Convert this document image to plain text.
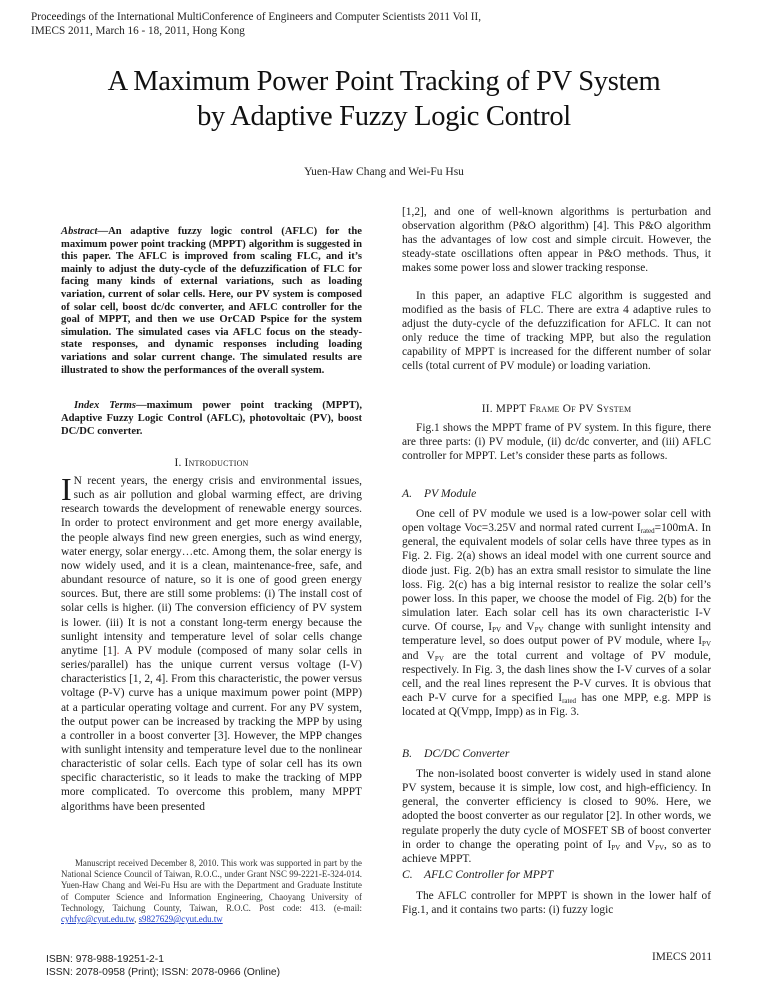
Proceedings of the International MultiConference of Engineers and Computer Scientists 2011 Vol II,
IMECS 2011, March 16 - 18, 2011, Hong Kong
A Maximum Power Point Tracking of PV System
by Adaptive Fuzzy Logic Control
Yuen-Haw Chang and Wei-Fu Hsu
Abstract—An adaptive fuzzy logic control (AFLC) for the maximum power point tracking (MPPT) algorithm is suggested in this paper. The AFLC is improved from scaling FLC, and it’s mainly to adjust the duty-cycle of the defuzzification of FLC for facing many kinds of external variations, such as loading variation, current of solar cells. Here, our PV system is composed of solar cell, boost dc/dc converter, and AFLC controller for the goal of MPPT, and then we use OrCAD Pspice for the system simulation. The simulated cases via AFLC focus on the steady-state responses, and dynamic responses including loading variations and solar current change. The simulated results are illustrated to show the performances of the overall system.
Index Terms—maximum power point tracking (MPPT), Adaptive Fuzzy Logic Control (AFLC), photovoltaic (PV), boost DC/DC converter.
I. Introduction
I N recent years, the energy crisis and environmental issues, such as air pollution and global warming effect, are driving research towards the development of renewable energy sources. In order to protect environment and get more energy available, the people always find new green energies, such as wind energy, water energy, solar energy…etc. Among them, the solar energy is now widely used, and it is a clean, maintenance-free, safe, and abundant resource of nature, so it is one of good green energy sources. But, there are still some problems: (i) The install cost of solar cells is higher. (ii) The conversion efficiency of PV system is lower. (iii) It is not a constant long-term energy because the sunlight intensity and temperature level of solar cells change anytime [1]. A PV module (composed of many solar cells in series/parallel) has the unique current versus voltage (I-V) characteristics [1, 2, 4]. From this characteristic, the power versus voltage (P-V) curve has a unique maximum power point (MPP) at a particular operating voltage and current. For any PV system, the output power can be increased by tracking the MPP by using a controller in a boost converter [3]. However, the MPP changes with sunlight intensity and temperature level due to the nonlinear characteristic of solar cells. Each type of solar cell has its own specific characteristic, so it leads to make the tracking of MPP more complicated. To overcome this problem, many MPPT algorithms have been presented
Manuscript received December 8, 2010. This work was supported in part by the National Science Council of Taiwan, R.O.C., under Grant NSC 99-2221-E-324-014. Yuen-Haw Chang and Wei-Fu Hsu are with the Department and Graduate Institute of Computer Science and Information Engineering, Chaoyang University of Technology, Taichung County, Taiwan, R.O.C. Post code: 413. (e-mail: cyhfyc@cyut.edu.tw, s9827629@cyut.edu.tw
ISBN: 978-988-19251-2-1
ISSN: 2078-0958 (Print); ISSN: 2078-0966 (Online)
[1,2], and one of well-known algorithms is perturbation and observation algorithm (P&O algorithm) [4]. This P&O algorithm has the advantages of low cost and simple circuit. However, the steady-state oscillations often appear in P&O methods. Thus, it makes some power loss and slower tracking response.
In this paper, an adaptive FLC algorithm is suggested and modified as the basis of FLC. There are extra 4 adaptive rules to adjust the duty-cycle of the defuzzification for AFLC. It can not only reduce the time of tracking MPP, but also the regulation capability of MPPT is increased for the different number of solar cells (total current of PV module) or loading variation.
II. MPPT Frame Of PV System
Fig.1 shows the MPPT frame of PV system. In this figure, there are three parts: (i) PV module, (ii) dc/dc converter, and (iii) AFLC controller for MPPT. Let’s consider these parts as follows.
A. PV Module
One cell of PV module we used is a low-power solar cell with open voltage Voc=3.25V and normal rated current $I_{rated}=100mA$. In general, the equivalent models of solar cells have three types as in Fig. 2. Fig. 2(a) shows an ideal model with one current source and diode just. Fig. 2(b) has an extra small resistor to simulate the line loss. Fig. 2(c) has a big internal resistor to realize the solar cell’s power loss. In this paper, we choose the model of Fig. 2(b) for the simulation later. Each solar cell has its own characteristic I-V curve. Of course, $I_{PV}$ and $V_{PV}$ change with sunlight intensity and temperature level, so does output power of PV module, where $I_{PV}$ and $V_{PV}$ are the total current and voltage of PV module, respectively. In Fig. 3, the dash lines show the I-V curves of a solar cell, and the real lines represent the P-V curves. It is obvious that each P-V curve for a specified $I_{rated}$ has one MPP, e.g. MPP is located at Q(Vmpp, Impp) as in Fig. 3.
B. DC/DC Converter
The non-isolated boost converter is widely used in stand alone PV system, because it is simple, low cost, and high-efficiency. In general, the converter efficiency is closed to 90%. Here, we adopted the boost converter as our regulator [2]. In other words, we regulate properly the duty cycle of MOSFET SB of boost converter in order to change the operating point of $I_{PV}$ and $V_{PV}$, so as to achieve MPPT.
C. AFLC Controller for MPPT
The AFLC controller for MPPT is shown in the lower half of Fig.1, and it contains two parts: (i) fuzzy logic
IMECS 2011
